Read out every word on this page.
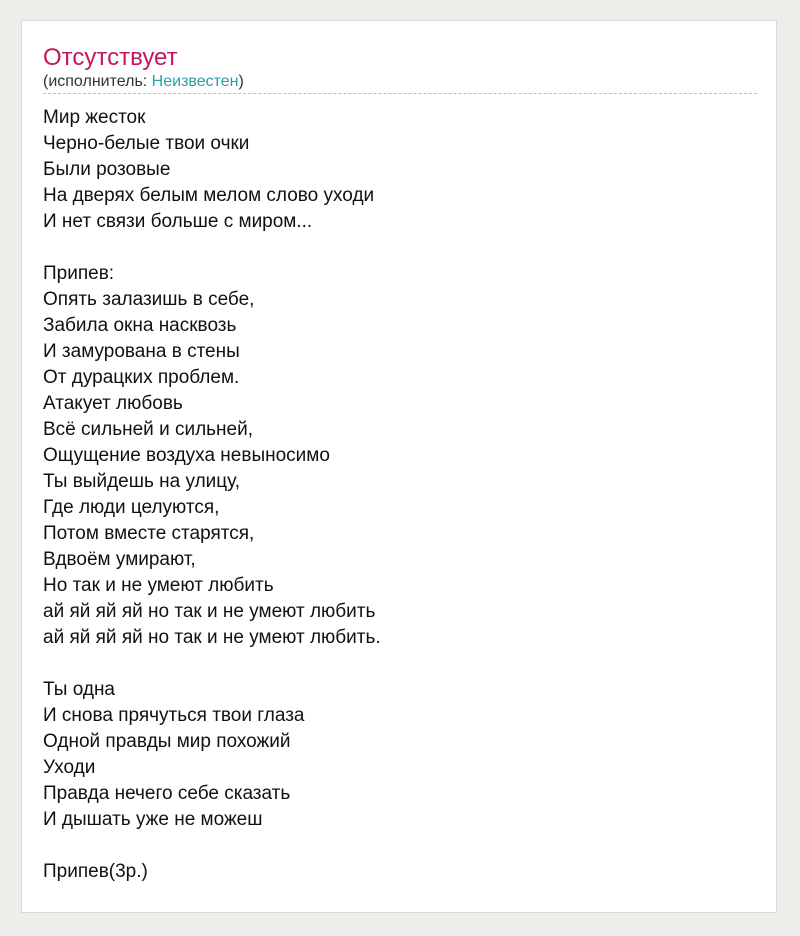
Отсутствует
(исполнитель: Неизвестен)
Мир жесток
Черно-белые твои очки
Были розовые
На дверях белым мелом слово уходи
И нет связи больше с миром...
Припев:
Опять залазишь в себе,
Забила окна насквозь
И замурована в стены
От дурацких проблем.
Атакует любовь
Всё сильней и сильней,
Ощущение воздуха невыносимо
Ты выйдешь на улицу,
Где люди целуются,
Потом вместе старятся,
Вдвоём умирают,
Но так и не умеют любить
ай яй яй яй но так и не умеют любить
ай яй яй яй но так и не умеют любить.
Ты одна
И снова прячуться твои глаза
Одной правды мир похожий
Уходи
Правда нечего себе сказать
И дышать уже не можеш
Припев(3р.)
